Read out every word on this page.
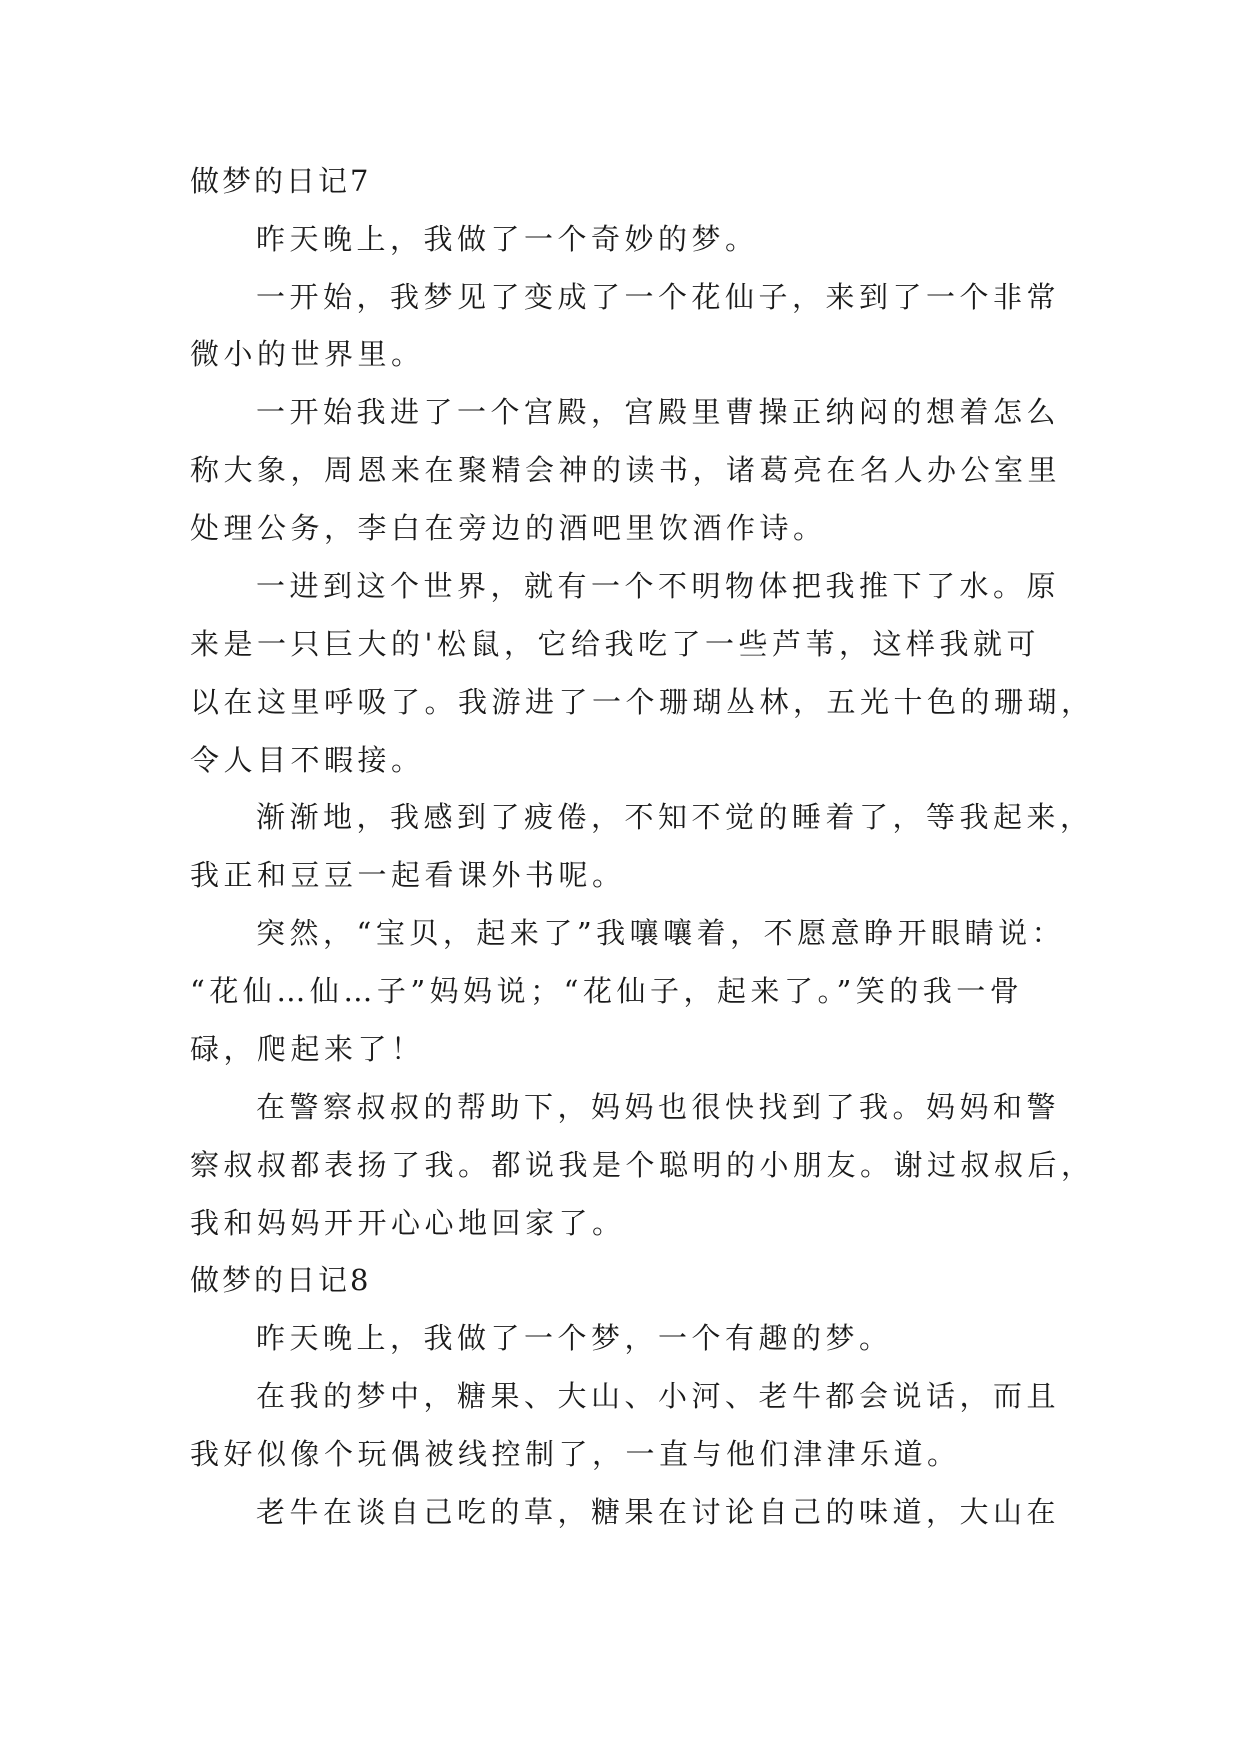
做梦的日记7
昨天晚上，我做了一个奇妙的梦。
一开始，我梦见了变成了一个花仙子，来到了一个非常
微小的世界里。
一开始我进了一个宫殿，宫殿里曹操正纳闷的想着怎么
称大象，周恩来在聚精会神的读书，诸葛亮在名人办公室里
处理公务，李白在旁边的酒吧里饮酒作诗。
一进到这个世界，就有一个不明物体把我推下了水。原
来是一只巨大的'松鼠，它给我吃了一些芦苇，这样我就可
以在这里呼吸了。我游进了一个珊瑚丛林，五光十色的珊瑚，
令人目不暇接。
渐渐地，我感到了疲倦，不知不觉的睡着了，等我起来，
我正和豆豆一起看课外书呢。
突然，“宝贝，起来了”我嚷嚷着，不愿意睁开眼睛说：
“花仙…仙…子”妈妈说；“花仙子，起来了。”笑的我一骨
碌，爬起来了！
在警察叔叔的帮助下，妈妈也很快找到了我。妈妈和警
察叔叔都表扬了我。都说我是个聪明的小朋友。谢过叔叔后，
我和妈妈开开心心地回家了。
做梦的日记8
昨天晚上，我做了一个梦，一个有趣的梦。
在我的梦中，糖果、大山、小河、老牛都会说话，而且
我好似像个玩偶被线控制了，一直与他们津津乐道。
老牛在谈自己吃的草，糖果在讨论自己的味道，大山在
